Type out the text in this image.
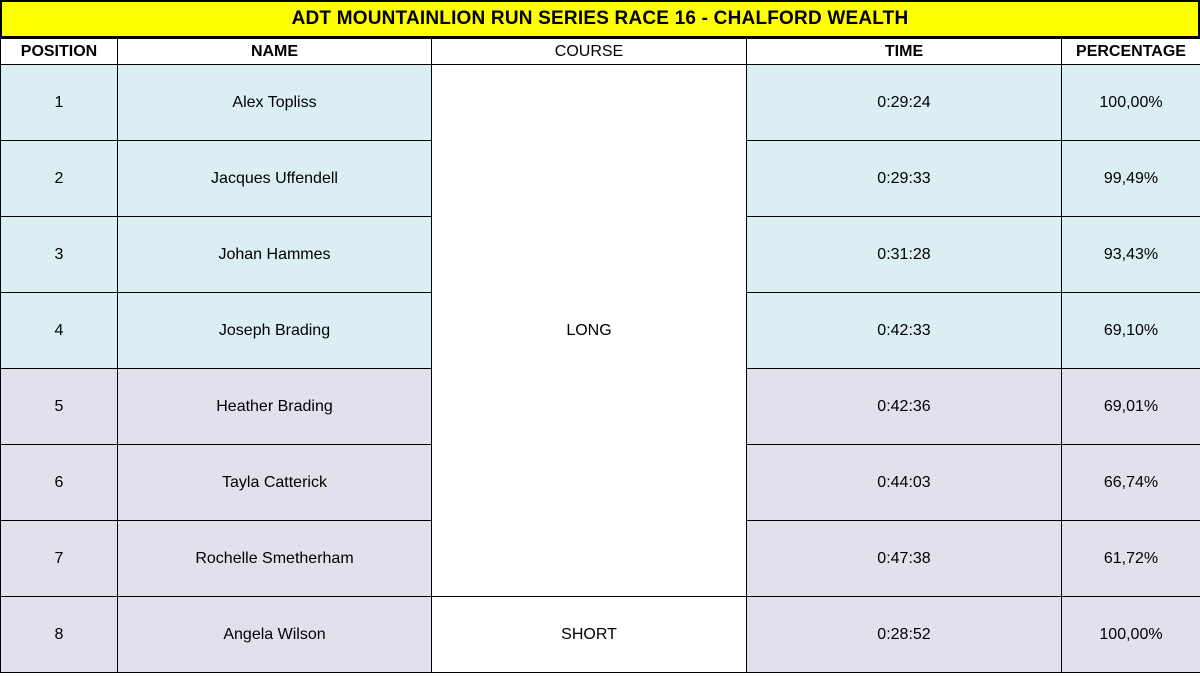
ADT MOUNTAINLION RUN SERIES RACE 16 - CHALFORD WEALTH
POSITION	NAME	COURSE	TIME	PERCENTAGE
1	Alex Topliss	LONG	0:29:24	100,00%
2	Jacques Uffendell		0:29:33	99,49%
3	Johan Hammes		0:31:28	93,43%
4	Joseph Brading		0:42:33	69,10%
5	Heather Brading		0:42:36	69,01%
6	Tayla Catterick		0:44:03	66,74%
7	Rochelle Smetherham		0:47:38	61,72%
8	Angela Wilson	SHORT	0:28:52	100,00%
